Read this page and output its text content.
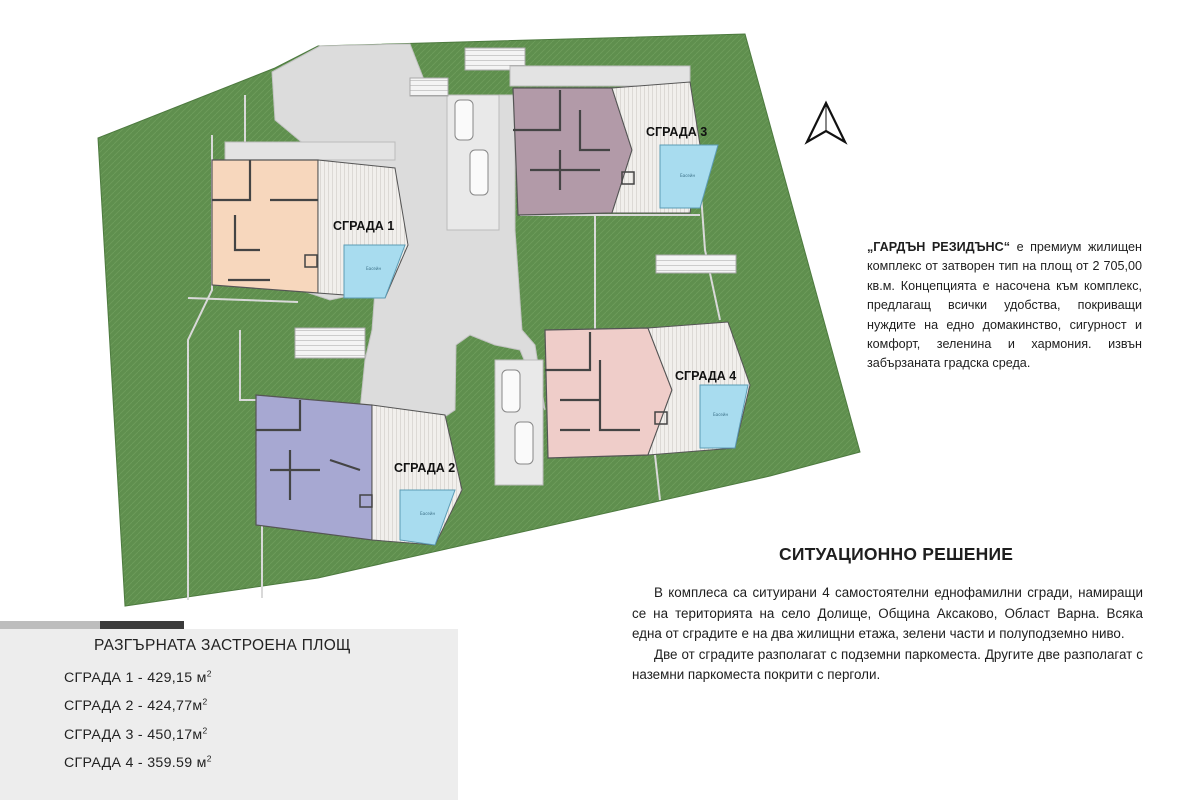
Басейн
СГРАДА 1
Басейн
СГРАДА 2
Басейн
СГРАДА 3
Басейн
СГРАДА 4

„ГАРДЪН РЕЗИДЪНС“ е премиум жилищен комплекс от затворен тип на площ от 2 705,00 кв.м. Концепцията е насочена към комплекс, предлагащ всички удобства, покриващи нуждите на едно домакинство, сигурност и комфорт, зеленина и хармония. извън забързаната градска среда.

СИТУАЦИОННО РЕШЕНИЕ

В комплеса са ситуирани 4 самостоятелни еднофамилни сгради, намиращи се на територията на село Долище, Община Аксаково, Област Варна. Всяка една от сградите е на два жилищни етажа, зелени части и полуподземно ниво.

Две от сградите разполагат с подземни паркоместа. Другите две разполагат с наземни паркоместа покрити с перголи.

РАЗГЪРНАТА ЗАСТРОЕНА ПЛОЩ
СГРАДА 1 - 429,15 $м^2$
СГРАДА $2 - 424,77м^2$
СГРАДА $3 - 450,17м^2$
СГРАДА 4 - 359.59 $м^2$
